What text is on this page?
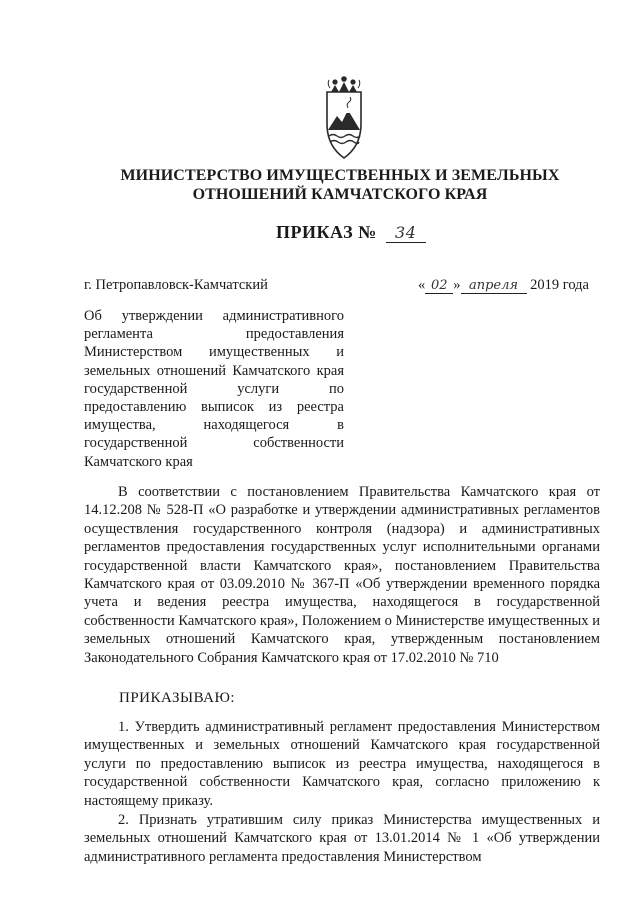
МИНИСТЕРСТВО ИМУЩЕСТВЕННЫХ И ЗЕМЕЛЬНЫХ
ОТНОШЕНИЙ КАМЧАТСКОГО КРАЯ
ПРИКАЗ № 34
г. Петропавловск-Камчатский	« 02 » апреля 2019 года
Об утверждении административного регламента предоставления Министерством имущественных и земельных отношений Камчатского края государственной услуги по предоставлению выписок из реестра имущества, находящегося в государственной собственности Камчатского края

В соответствии с постановлением Правительства Камчатского края от 14.12.208 № 528-П «О разработке и утверждении административных регламентов осуществления государственного контроля (надзора) и административных регламентов предоставления государственных услуг исполнительными органами государственной власти Камчатского края», постановлением Правительства Камчатского края от 03.09.2010 № 367-П «Об утверждении временного порядка учета и ведения реестра имущества, находящегося в государственной собственности Камчатского края», Положением о Министерстве имущественных и земельных отношений Камчатского края, утвержденным постановлением Законодательного Собрания Камчатского края от 17.02.2010 № 710

ПРИКАЗЫВАЮ:

1. Утвердить административный регламент предоставления Министерством имущественных и земельных отношений Камчатского края государственной услуги по предоставлению выписок из реестра имущества, находящегося в государственной собственности Камчатского края, согласно приложению к настоящему приказу.

2. Признать утратившим силу приказ Министерства имущественных и земельных отношений Камчатского края от 13.01.2014 № 1 «Об утверждении административного регламента предоставления Министерством
